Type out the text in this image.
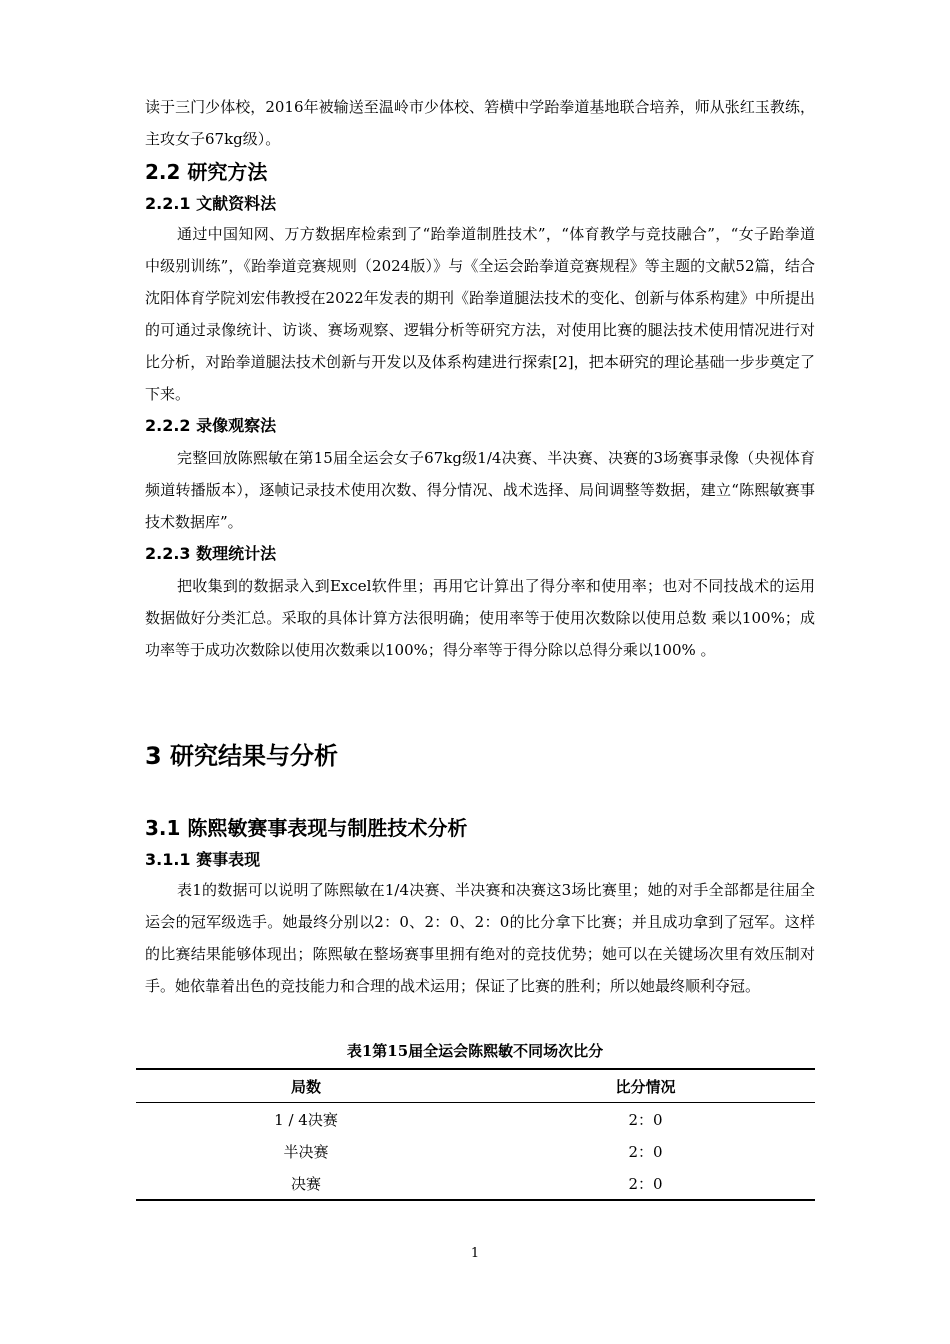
读于三门少体校，2016年被输送至温岭市少体校、箬横中学跆拳道基地联合培养，师从张红玉教练，主攻女子67kg级）。

2.2 研究方法
2.2.1 文献资料法

通过中国知网、万方数据库检索到了“跆拳道制胜技术”，“体育教学与竞技融合”，“女子跆拳道中级别训练”，《跆拳道竞赛规则（2024版）》与《全运会跆拳道竞赛规程》等主题的文献52篇，结合沈阳体育学院刘宏伟教授在2022年发表的期刊《跆拳道腿法技术的变化、创新与体系构建》中所提出的可通过录像统计、访谈、赛场观察、逻辑分析等研究方法，对使用比赛的腿法技术使用情况进行对比分析，对跆拳道腿法技术创新与开发以及体系构建进行探索[2]，把本研究的理论基础一步步奠定了下来。

2.2.2 录像观察法

完整回放陈熙敏在第15届全运会女子67kg级1/4决赛、半决赛、决赛的3场赛事录像（央视体育频道转播版本），逐帧记录技术使用次数、得分情况、战术选择、局间调整等数据，建立“陈熙敏赛事技术数据库”。

2.2.3 数理统计法

把收集到的数据录入到Excel软件里；再用它计算出了得分率和使用率；也对不同技战术的运用数据做好分类汇总。采取的具体计算方法很明确；使用率等于使用次数除以使用总数 乘以100%；成功率等于成功次数除以使用次数乘以100%；得分率等于得分除以总得分乘以100% 。

3 研究结果与分析
3.1 陈熙敏赛事表现与制胜技术分析
3.1.1 赛事表现

表1的数据可以说明了陈熙敏在1/4决赛、半决赛和决赛这3场比赛里；她的对手全部都是往届全运会的冠军级选手。她最终分别以2：0、2：0、2：0的比分拿下比赛；并且成功拿到了冠军。这样的比赛结果能够体现出；陈熙敏在整场赛事里拥有绝对的竞技优势；她可以在关键场次里有效压制对手。她依靠着出色的竞技能力和合理的战术运用；保证了比赛的胜利；所以她最终顺利夺冠。

表1第15届全运会陈熙敏不同场次比分

局数	比分情况
1 / 4决赛	2：0
半决赛	2：0
决赛	2：0

1
